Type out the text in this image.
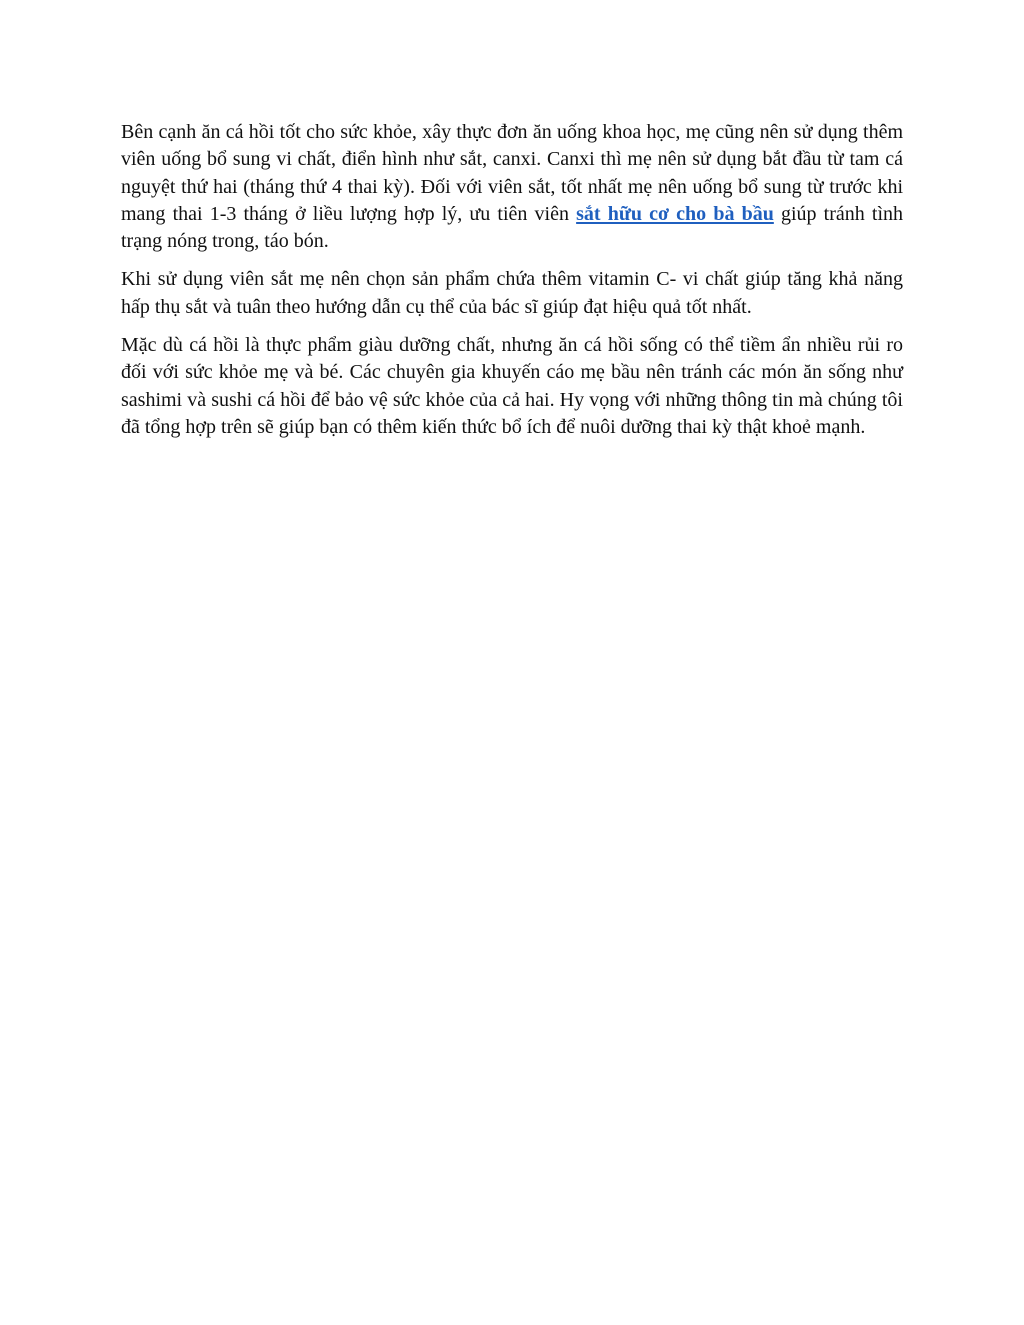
Bên cạnh ăn cá hồi tốt cho sức khỏe, xây thực đơn ăn uống khoa học, mẹ cũng nên sử dụng thêm viên uống bổ sung vi chất, điển hình như sắt, canxi. Canxi thì mẹ nên sử dụng bắt đầu từ tam cá nguyệt thứ hai (tháng thứ 4 thai kỳ). Đối với viên sắt, tốt nhất mẹ nên uống bổ sung từ trước khi mang thai 1-3 tháng ở liều lượng hợp lý, ưu tiên viên sắt hữu cơ cho bà bầu giúp tránh tình trạng nóng trong, táo bón.

Khi sử dụng viên sắt mẹ nên chọn sản phẩm chứa thêm vitamin C- vi chất giúp tăng khả năng hấp thụ sắt và tuân theo hướng dẫn cụ thể của bác sĩ giúp đạt hiệu quả tốt nhất.

Mặc dù cá hồi là thực phẩm giàu dưỡng chất, nhưng ăn cá hồi sống có thể tiềm ẩn nhiều rủi ro đối với sức khỏe mẹ và bé. Các chuyên gia khuyến cáo mẹ bầu nên tránh các món ăn sống như sashimi và sushi cá hồi để bảo vệ sức khỏe của cả hai. Hy vọng với những thông tin mà chúng tôi đã tổng hợp trên sẽ giúp bạn có thêm kiến thức bổ ích để nuôi dưỡng thai kỳ thật khoẻ mạnh.
